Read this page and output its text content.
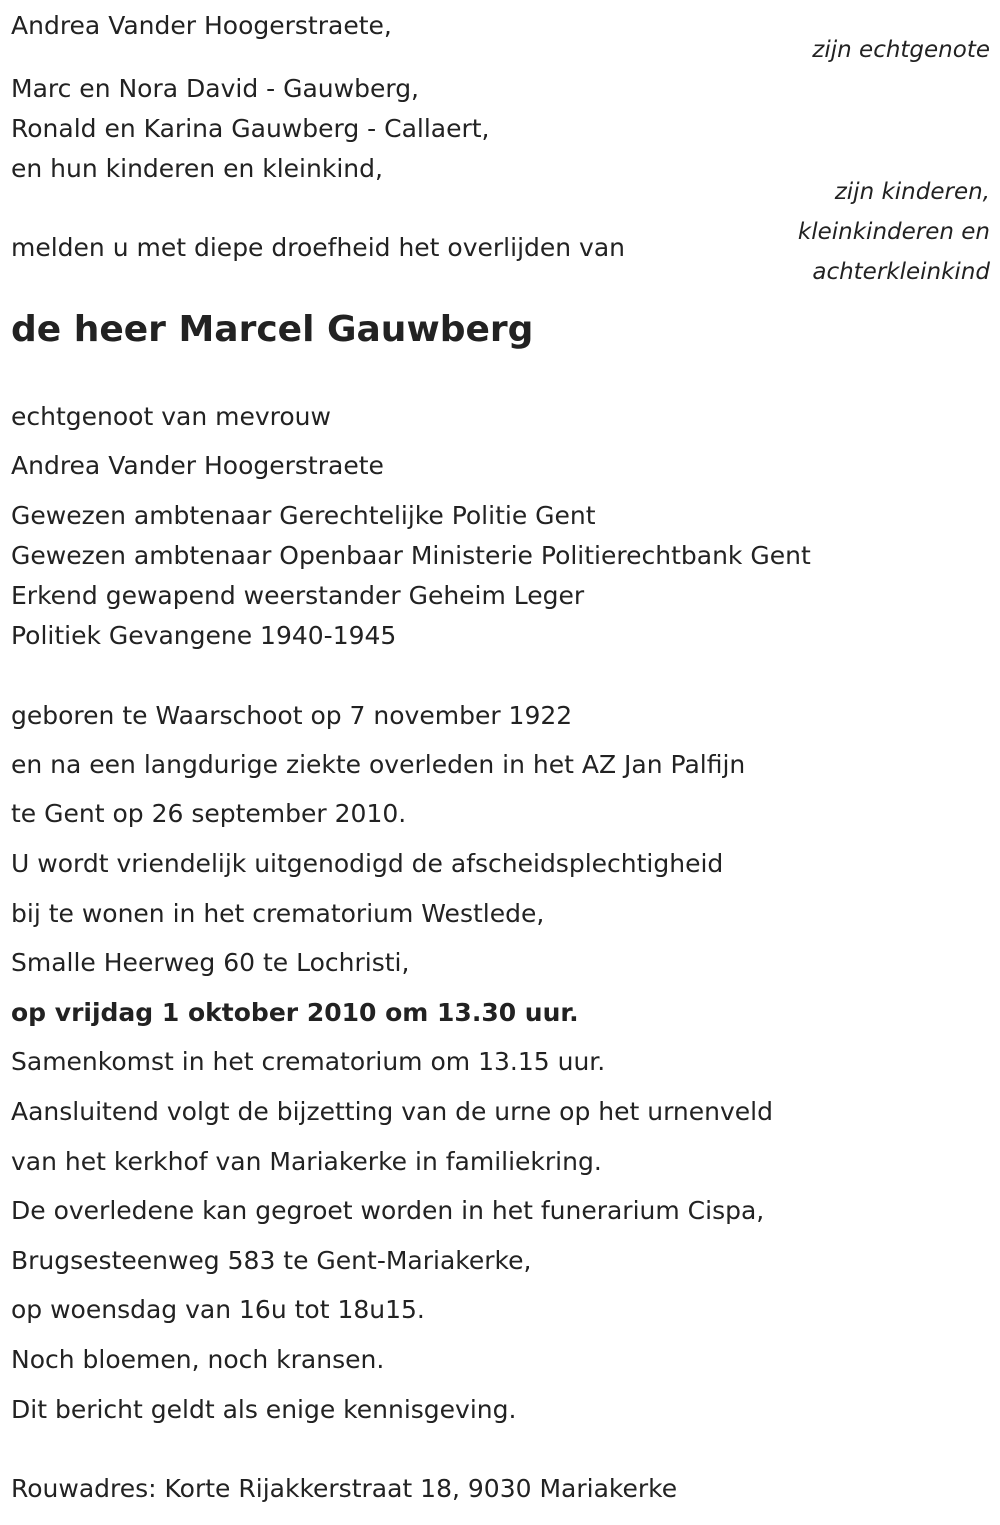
Andrea Vander Hoogerstraete,
zijn echtgenote
Marc en Nora David - Gauwberg,
Ronald en Karina Gauwberg - Callaert,
en hun kinderen en kleinkind,
zijn kinderen,
kleinkinderen en
achterkleinkind
melden u met diepe droefheid het overlijden van
de heer Marcel Gauwberg
echtgenoot van mevrouw
Andrea Vander Hoogerstraete
Gewezen ambtenaar Gerechtelijke Politie Gent
Gewezen ambtenaar Openbaar Ministerie Politierechtbank Gent
Erkend gewapend weerstander Geheim Leger
Politiek Gevangene 1940-1945
geboren te Waarschoot op 7 november 1922
en na een langdurige ziekte overleden in het AZ Jan Palfijn
te Gent op 26 september 2010.
U wordt vriendelijk uitgenodigd de afscheidsplechtigheid
bij te wonen in het crematorium Westlede,
Smalle Heerweg 60 te Lochristi,
op vrijdag 1 oktober 2010 om 13.30 uur.
Samenkomst in het crematorium om 13.15 uur.
Aansluitend volgt de bijzetting van de urne op het urnenveld
van het kerkhof van Mariakerke in familiekring.
De overledene kan gegroet worden in het funerarium Cispa,
Brugsesteenweg 583 te Gent-Mariakerke,
op woensdag van 16u tot 18u15.
Noch bloemen, noch kransen.
Dit bericht geldt als enige kennisgeving.
Rouwadres: Korte Rijakkerstraat 18, 9030 Mariakerke
